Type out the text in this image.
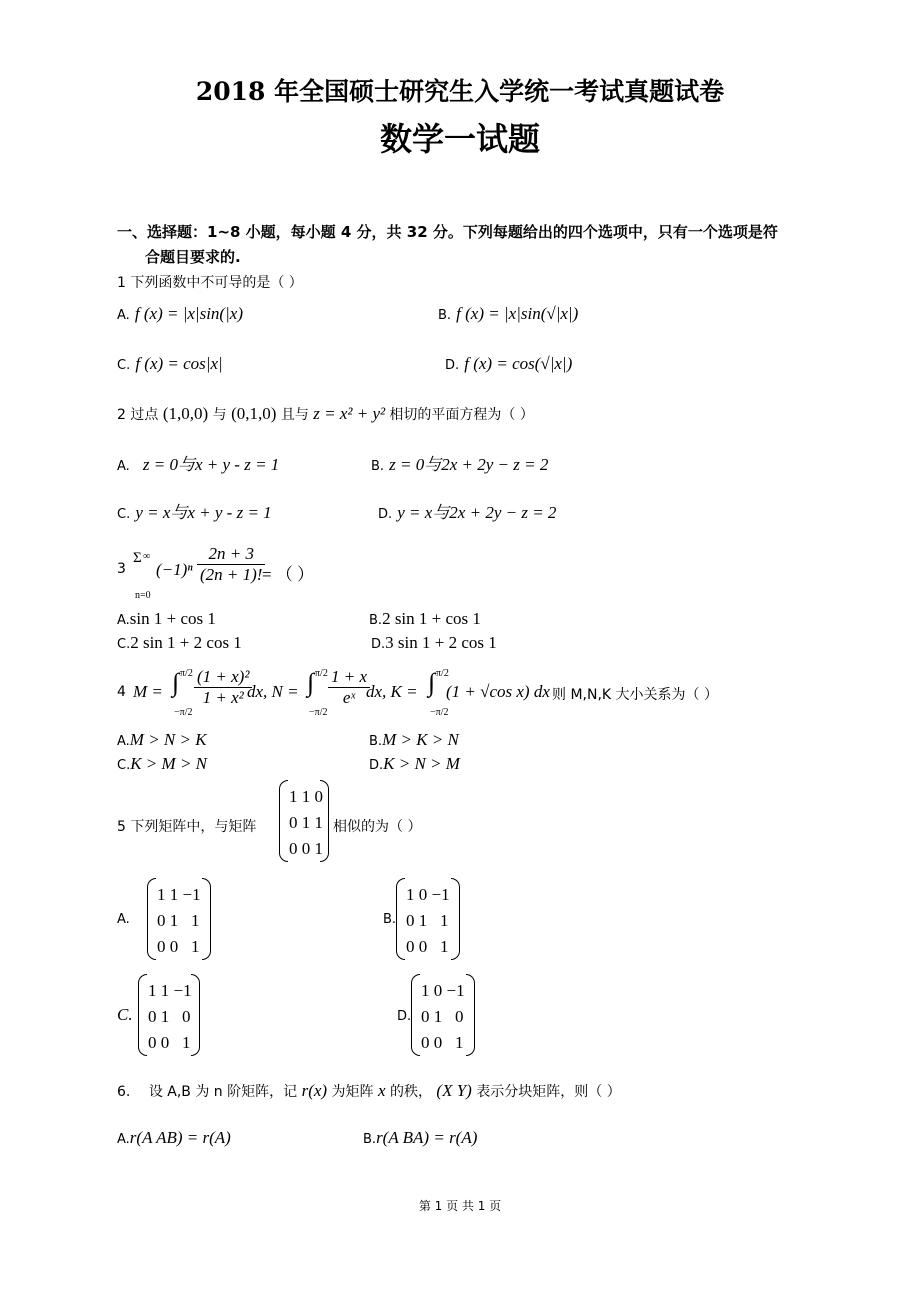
2018 年全国硕士研究生入学统一考试真题试卷
数学一试题
一、选择题：1~8 小题，每小题 4 分，共 32 分。下列每题给出的四个选项中，只有一个选项是符
合题目要求的.
1 下列函数中不可导的是（ ）
A. f (x) = |x|sin(|x)	B. f (x) = |x|sin(√|x|)
C. f (x) = cos|x|	D. f (x) = cos(√|x|)
2 过点 (1,0,0) 与 (0,1,0) 且与 z = x² + y² 相切的平面方程为（ ）
A. z = 0与x + y - z = 1	B. z = 0与2x + 2y − z = 2
C. y = x与x + y - z = 1	D. y = x与2x + 2y − z = 2
3
Σ ∞
n=0
$(-1)^n \frac{2n + 3}{(2n + 1)!}$
= （ ）
A.sin 1 + cos 1	B.2 sin 1 + cos 1
C.2 sin 1 + 2 cos 1	D.3 sin 1 + 2 cos 1
4 M = ∫ π/2
−π/2
$\frac{\text{(1 + x)²}}{\text{1 + x²}}$
dx, N = ∫ π/2
−π/2
$\frac{1 + x}{\text{eˣ}}$
dx, K = ∫ π/2
−π/2
(1 + √cos x) dx 则 M,N,K 大小关系为（ ）
A.M > N > K	B.M > K > N
C.K > M > N	D.K > N > M
5 下列矩阵中，与矩阵
1 1 0
0 1 1
0 0 1
相似的为（ ）
A.
1 1 −1
0 1   1
0 0   1
B.
1 0 −1
0 1   1
0 0   1
C.
1 1 −1
0 1   0
0 0   1
D.
1 0 −1
0 1   0
0 0   1
6. 设 A,B 为 n 阶矩阵，记 r(x) 为矩阵 x 的秩， (X Y) 表示分块矩阵，则（ ）
A.r(A AB) = r(A)	B.r(A BA) = r(A)
第 1 页 共 1 页
